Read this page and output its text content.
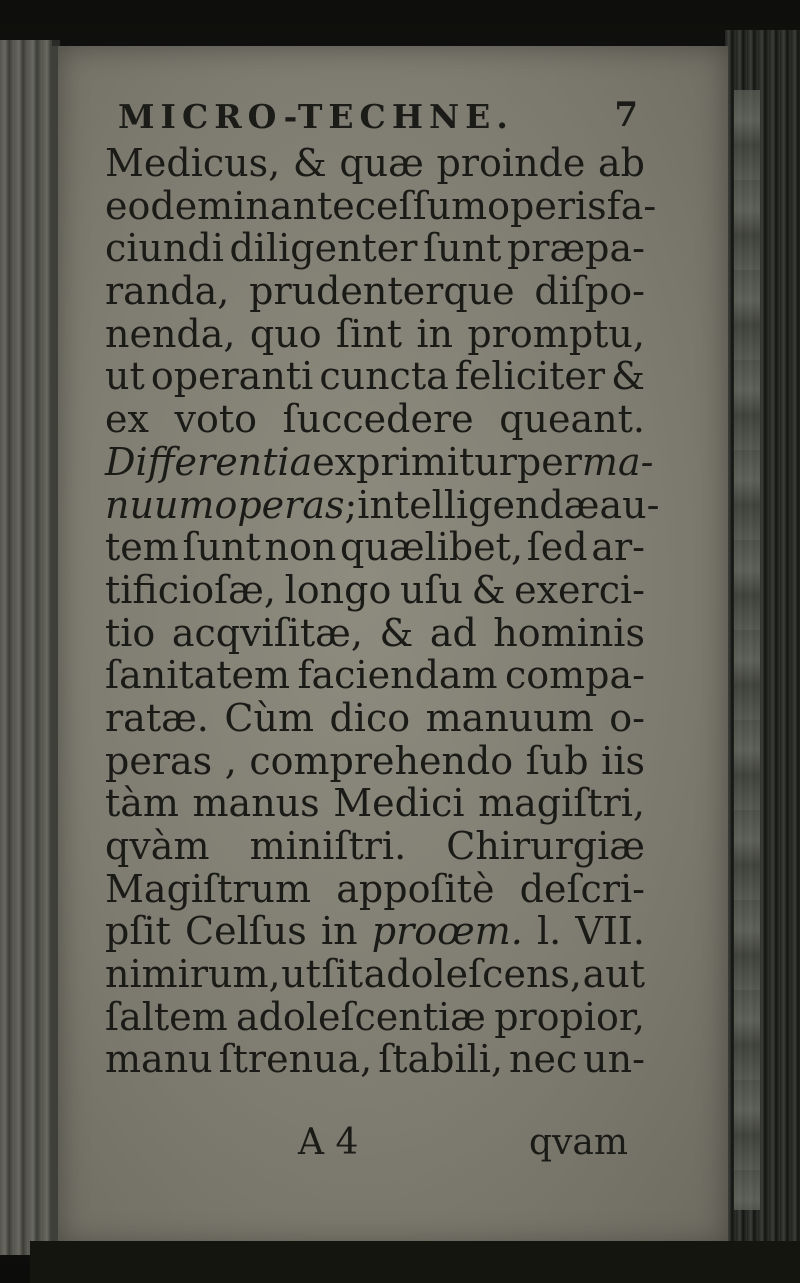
MICRO-TECHNE.	7
Medicus, & quæ proinde ab
eodem in anteceſſum operis fa-
ciundi diligenter ſunt præpa-
randa, prudenterque diſpo-
nenda, quo ſint in promptu,
ut operanti cuncta feliciter &
ex voto ſuccedere queant.
Differentia exprimitur per ma-
nuum operas ; intelligendæ au-
tem ſunt non quælibet, ſed ar-
tificioſæ, longo uſu & exerci-
tio acqviſitæ, & ad hominis
ſanitatem faciendam compa-
ratæ. Cùm dico manuum o-
peras , comprehendo ſub iis
tàm manus Medici magiſtri,
qvàm miniſtri. Chirurgiæ
Magiſtrum appoſitè deſcri-
pſit Celſus in proœm. l. VII.
nimirum, ut ſit adoleſcens, aut
ſaltem adoleſcentiæ propior,
manu ſtrenua, ſtabili, nec un-
A 4	qvam
